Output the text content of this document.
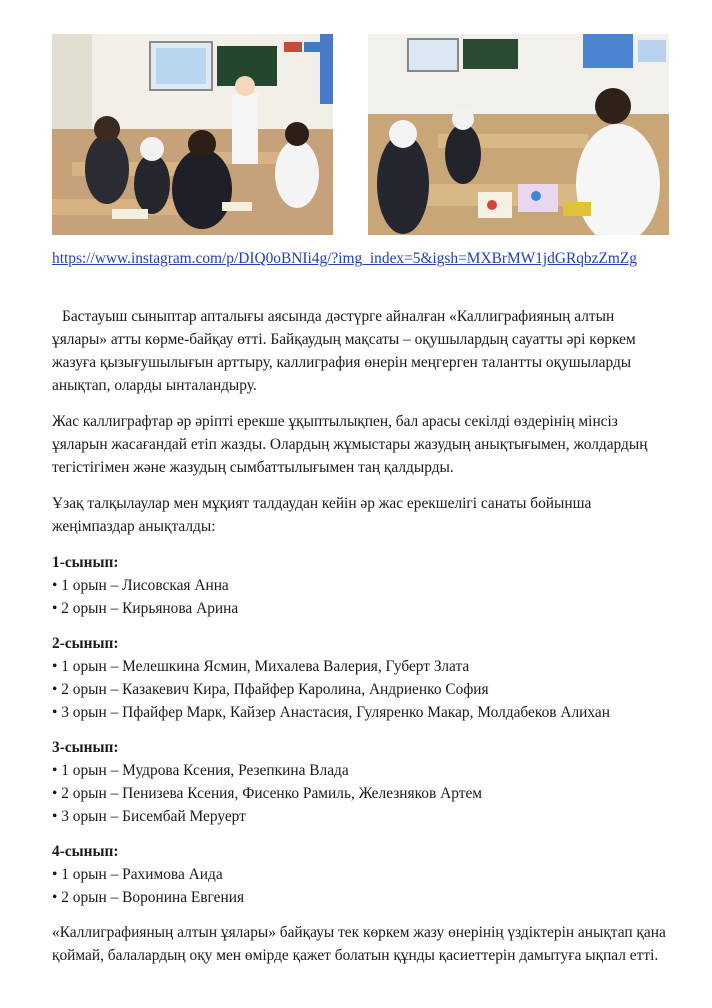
https://www.instagram.com/p/DIQ0oBNIi4g/?img_index=5&igsh=MXBrMW1jdGRqbzZmZg

Бастауыш сыныптар апталығы аясында дәстүрге айналған «Каллиграфияның алтын ұялары» атты көрме-байқау өтті. Байқаудың мақсаты – оқушылардың сауатты әрі көркем жазуға қызығушылығын арттыру, каллиграфия өнерін меңгерген талантты оқушыларды анықтап, оларды ынталандыру.

Жас каллиграфтар әр әріпті ерекше ұқыптылықпен, бал арасы секілді өздерінің мінсіз ұяларын жасағандай етіп жазды. Олардың жұмыстары жазудың анықтығымен, жолдардың тегістігімен және жазудың сымбаттылығымен таң қалдырды.

Ұзақ талқылаулар мен мұқият талдаудан кейін әр жас ерекшелігі санаты бойынша жеңімпаздар анықталды:

1-сынып:
• 1 орын – Лисовская Анна
• 2 орын – Кирьянова Арина
2-сынып:
• 1 орын – Мелешкина Ясмин, Михалева Валерия, Губерт Злата
• 2 орын – Казакевич Кира, Пфайфер Каролина, Андриенко София
• 3 орын – Пфайфер Марк, Кайзер Анастасия, Гуляренко Макар, Молдабеков Алихан
3-сынып:
• 1 орын – Мудрова Ксения, Резепкина Влада
• 2 орын – Пенизева Ксения, Фисенко Рамиль, Железняков Артем
• 3 орын – Бисембай Меруерт
4-сынып:
• 1 орын – Рахимова Аида
• 2 орын – Воронина Евгения

«Каллиграфияның алтын ұялары» байқауы тек көркем жазу өнерінің үздіктерін анықтап қана қоймай, балалардың оқу мен өмірде қажет болатын құнды қасиеттерін дамытуға ықпал етті.
